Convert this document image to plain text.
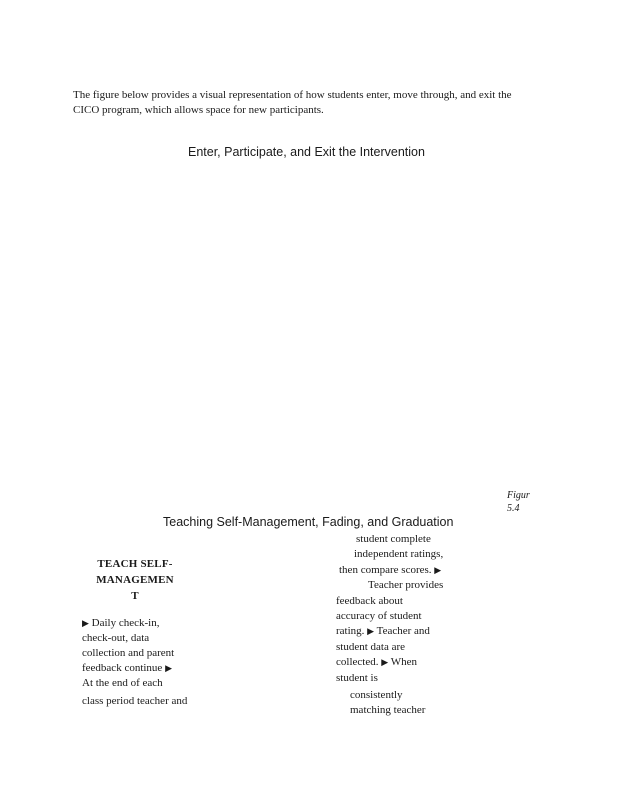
The figure below provides a visual representation of how students enter, move through, and exit the
CICO program, which allows space for new participants.

Enter, Participate, and Exit the Intervention

Figur
5.4

Teaching Self-Management, Fading, and Graduation

TEACH SELF-
MANAGEMEN
T

▶ Daily check-in,
check-out, data
collection and parent
feedback continue ▶
At the end of each
class period teacher and

student complete
independent ratings,
then compare scores. ▶
Teacher provides
feedback about
accuracy of student
rating. ▶ Teacher and
student data are
collected. ▶ When
student is
consistently
matching teacher
